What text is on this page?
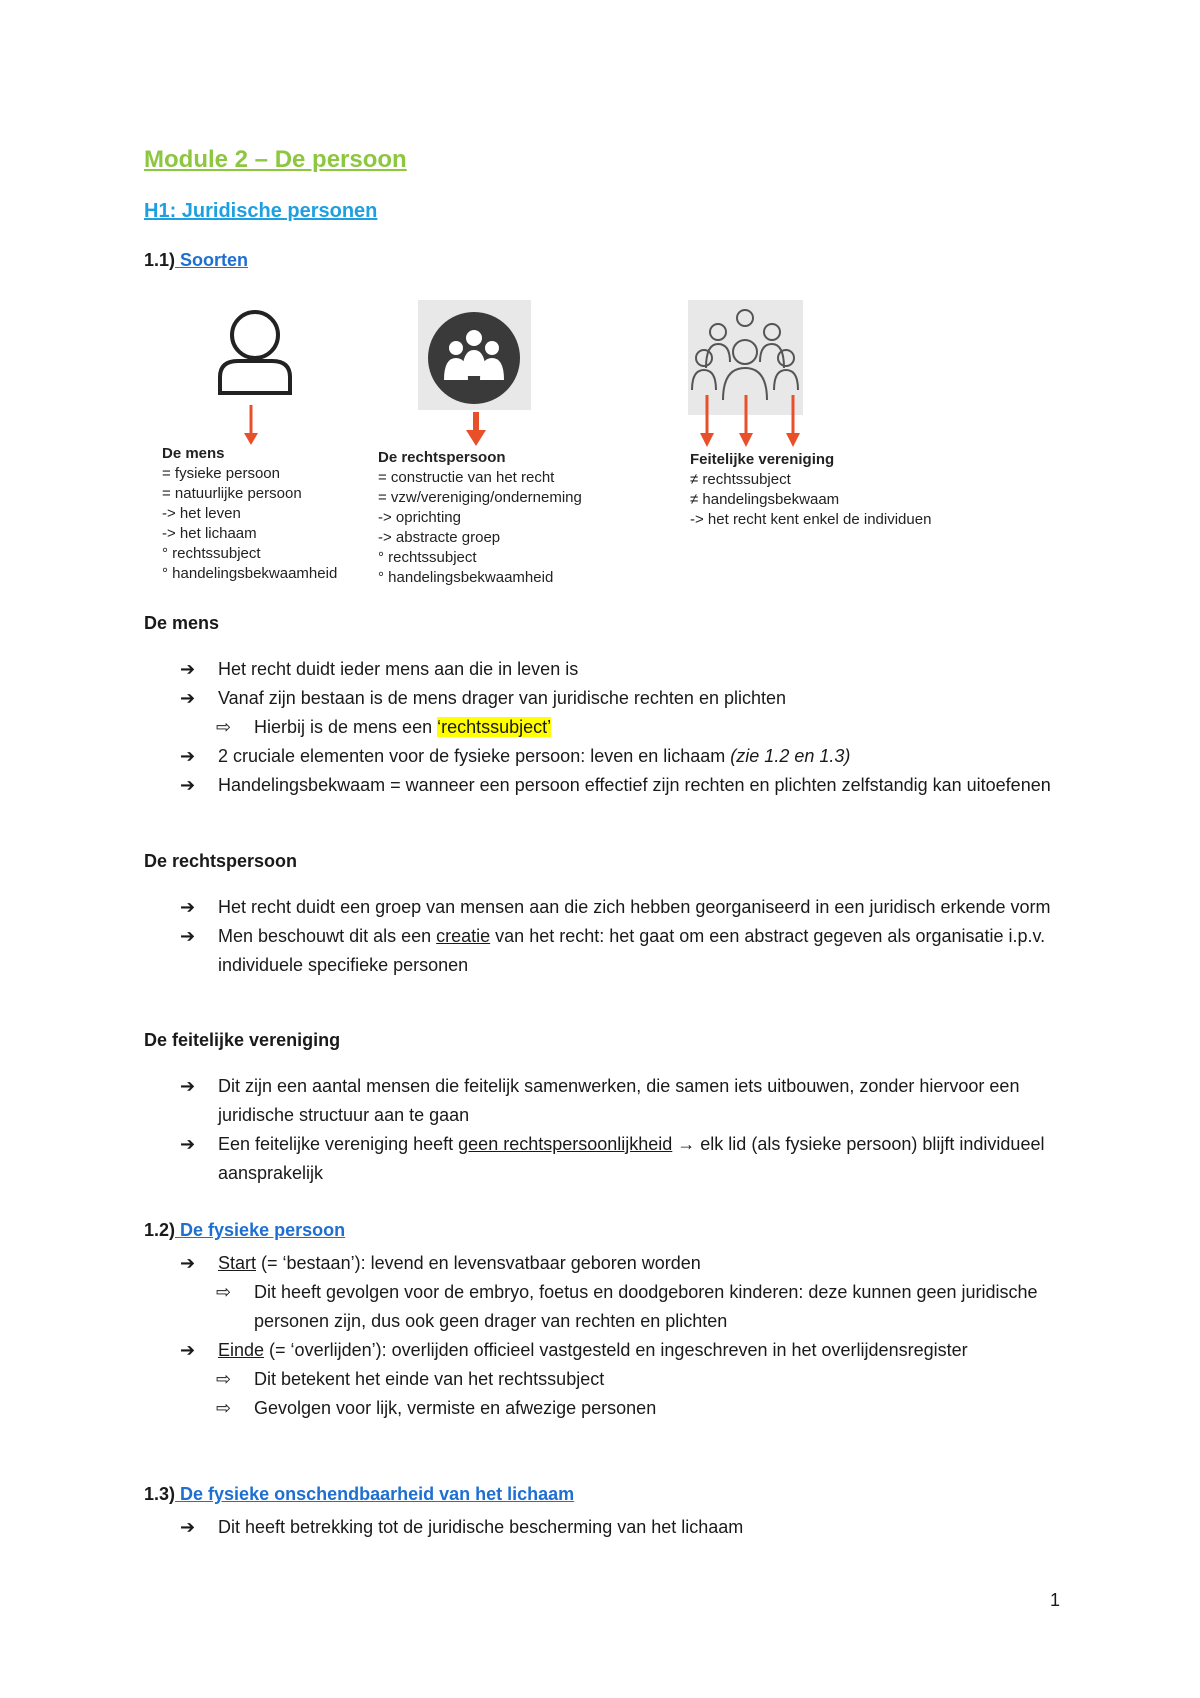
Module 2 – De persoon
H1: Juridische personen
1.1) Soorten
De mens
= fysieke persoon
= natuurlijke persoon
-> het leven
-> het lichaam
° rechtssubject
° handelingsbekwaamheid
De rechtspersoon
= constructie van het recht
= vzw/vereniging/onderneming
-> oprichting
-> abstracte groep
° rechtssubject
° handelingsbekwaamheid
Feitelijke vereniging
≠ rechtssubject
≠ handelingsbekwaam
-> het recht kent enkel de individuen
De mens
➔ Het recht duidt ieder mens aan die in leven is
➔ Vanaf zijn bestaan is de mens drager van juridische rechten en plichten
⇨ Hierbij is de mens een ‘rechtssubject’
➔ 2 cruciale elementen voor de fysieke persoon: leven en lichaam (zie 1.2 en 1.3)
➔ Handelingsbekwaam = wanneer een persoon effectief zijn rechten en plichten zelfstandig kan uitoefenen
De rechtspersoon
➔ Het recht duidt een groep van mensen aan die zich hebben georganiseerd in een juridisch erkende vorm
➔ Men beschouwt dit als een creatie van het recht: het gaat om een abstract gegeven als organisatie i.p.v. individuele specifieke personen
De feitelijke vereniging
➔ Dit zijn een aantal mensen die feitelijk samenwerken, die samen iets uitbouwen, zonder hiervoor een juridische structuur aan te gaan
➔ Een feitelijke vereniging heeft geen rechtspersoonlijkheid → elk lid (als fysieke persoon) blijft individueel aansprakelijk
1.2) De fysieke persoon
➔ Start (= ‘bestaan’): levend en levensvatbaar geboren worden
⇨ Dit heeft gevolgen voor de embryo, foetus en doodgeboren kinderen: deze kunnen geen juridische personen zijn, dus ook geen drager van rechten en plichten
➔ Einde (= ‘overlijden’): overlijden officieel vastgesteld en ingeschreven in het overlijdensregister
⇨ Dit betekent het einde van het rechtssubject
⇨ Gevolgen voor lijk, vermiste en afwezige personen
1.3) De fysieke onschendbaarheid van het lichaam
➔ Dit heeft betrekking tot de juridische bescherming van het lichaam
1
